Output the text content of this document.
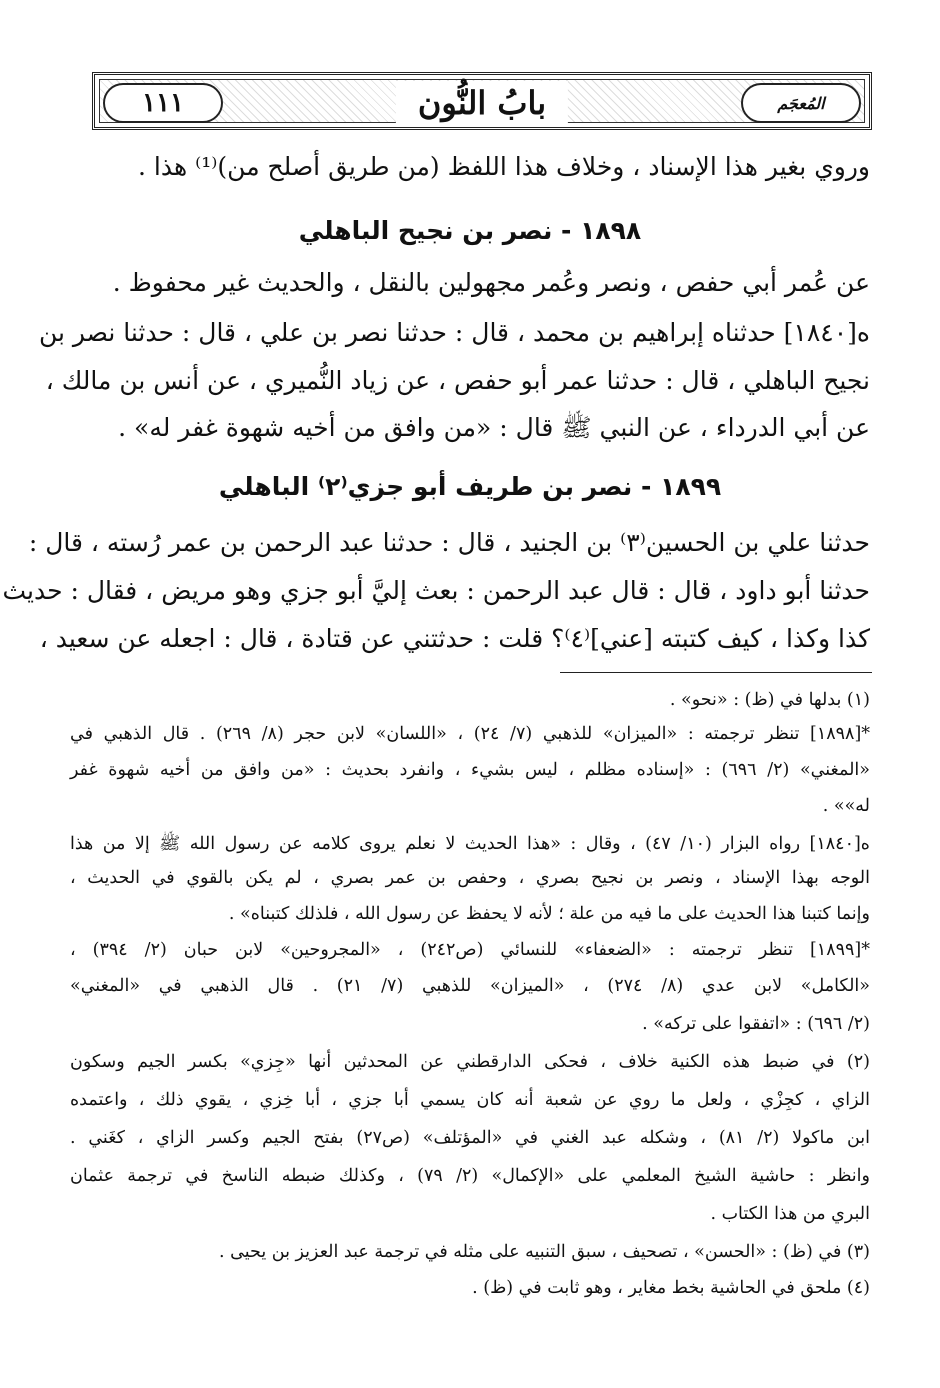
١١١	بابُ النُّون	المُعجَم
وروي بغير هذا الإسناد ، وخلاف هذا اللفظ (من طريق أصلح من)⁽¹⁾ هذا .
١٨٩٨ - نصر بن نجيح الباهلي
عن عُمر أبي حفص ، ونصر وعُمر مجهولين بالنقل ، والحديث غير محفوظ .
ه[١٨٤٠] حدثناه إبراهيم بن محمد ، قال : حدثنا نصر بن علي ، قال : حدثنا نصر بن
نجيح الباهلي ، قال : حدثنا عمر أبو حفص ، عن زياد النُّميري ، عن أنس بن مالك ،
عن أبي الدرداء ، عن النبي ﷺ قال : «من وافق من أخيه شهوة غفر له» .
١٨٩٩ - نصر بن طريف أبو جزي⁽٢⁾ الباهلي
حدثنا علي بن الحسين⁽٣⁾ بن الجنيد ، قال : حدثنا عبد الرحمن بن عمر رُسته ، قال :
حدثنا أبو داود ، قال : قال عبد الرحمن : بعث إليَّ أبو جزي وهو مريض ، فقال : حديث
كذا وكذا ، كيف كتبته [عني]⁽٤⁾؟ قلت : حدثتني عن قتادة ، قال : اجعله عن سعيد ،
(١) بدلها في (ظ) : «نحو» .
*[١٨٩٨] تنظر ترجمته : «الميزان» للذهبي (٧/ ٢٤) ، «اللسان» لابن حجر (٨/ ٢٦٩) . قال الذهبي في
«المغني» (٢/ ٦٩٦) : «إسناده مظلم ، ليس بشيء ، وانفرد بحديث : «من وافق من أخيه شهوة غفر
له»» .
ه[١٨٤٠] رواه البزار (١٠/ ٤٧) ، وقال : «هذا الحديث لا نعلم يروى كلامه عن رسول الله ﷺ إلا من هذا
الوجه بهذا الإسناد ، ونصر بن نجيح بصري ، وحفص بن عمر بصري ، لم يكن بالقوي في الحديث ،
وإنما كتبنا هذا الحديث على ما فيه من علة ؛ لأنه لا يحفظ عن رسول الله ، فلذلك كتبناه» .
*[١٨٩٩] تنظر ترجمته : «الضعفاء» للنسائي (ص٢٤٢) ، «المجروحين» لابن حبان (٢/ ٣٩٤) ،
«الكامل» لابن عدي (٨/ ٢٧٤) ، «الميزان» للذهبي (٧/ ٢١) . قال الذهبي في «المغني»
(٢/ ٦٩٦) : «اتفقوا على تركه» .
(٢) في ضبط هذه الكنية خلاف ، فحكى الدارقطني عن المحدثين أنها «جِزي» بكسر الجيم وسكون
الزاي ، كجِزْي ، ولعل ما روي عن شعبة أنه كان يسمي أبا جزي ، أبا خِزي ، يقوي ذلك ، واعتمده
ابن ماكولا (٢/ ٨١) ، وشكله عبد الغني في «المؤتلف» (ص٢٧) بفتح الجيم وكسر الزاي ، كغَني .
وانظر : حاشية الشيخ المعلمي على «الإكمال» (٢/ ٧٩) ، وكذلك ضبطه الناسخ في ترجمة عثمان
البري من هذا الكتاب .
(٣) في (ظ) : «الحسن» ، تصحيف ، سبق التنبيه على مثله في ترجمة عبد العزيز بن يحيى .
(٤) ملحق في الحاشية بخط مغاير ، وهو ثابت في (ظ) .
